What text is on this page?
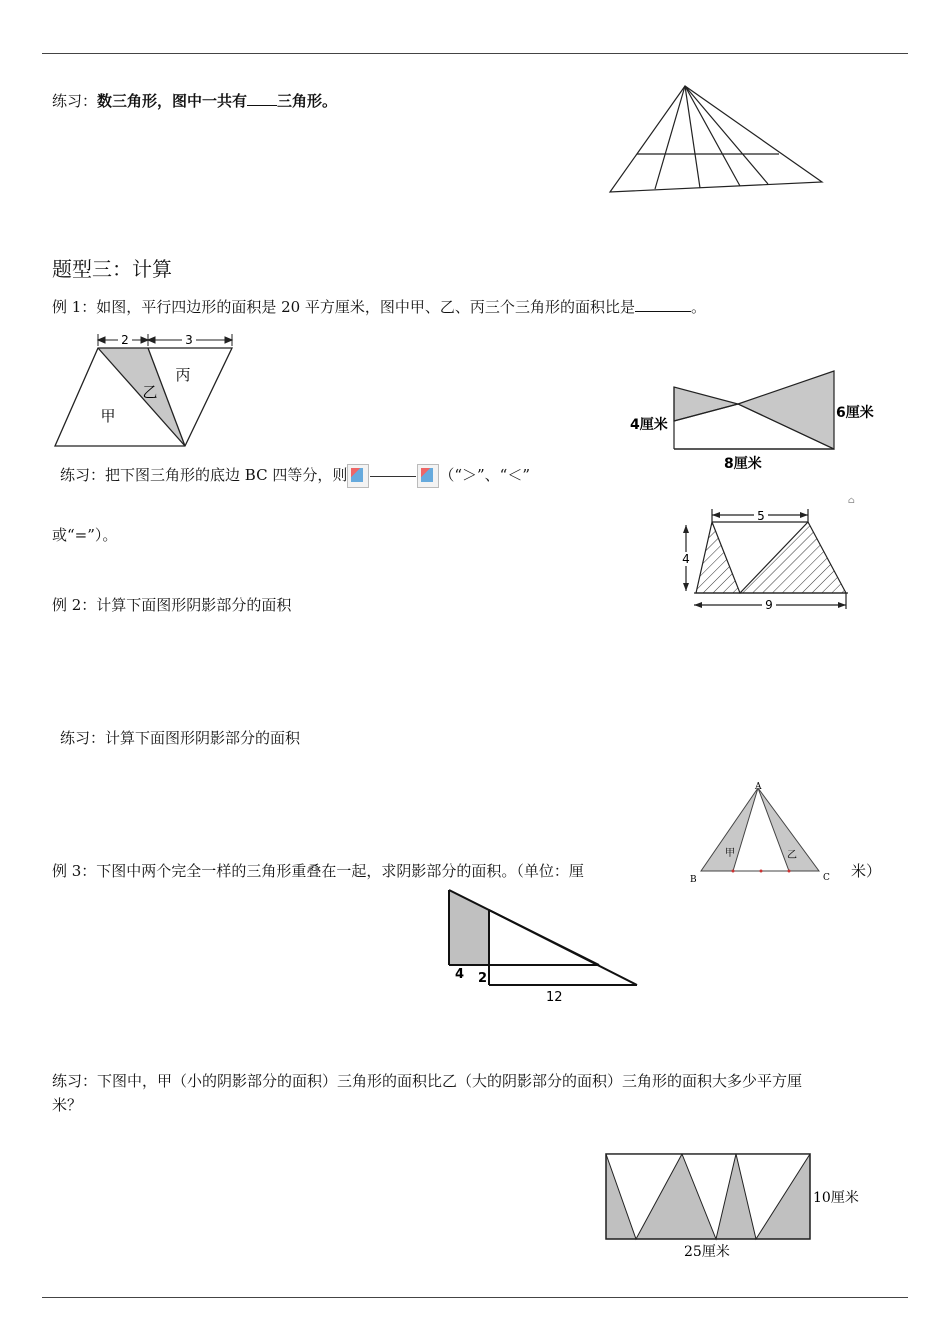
练习：数三角形，图中一共有 三角形。
题型三：计算
例 1：如图，平行四边形的面积是 20 平方厘米，图中甲、乙、丙三个三角形的面积比是	。
2	3
甲
乙
丙
4厘米
6厘米
8厘米
练习：把下图三角形的底边 BC 四等分，则	（“＞”、“＜”
或“=”）。
5
4
9
⌂
例 2：计算下面图形阴影部分的面积
练习：计算下面图形阴影部分的面积
A
B	C
甲	乙
例 3：下图中两个完全一样的三角形重叠在一起，求阴影部分的面积。（单位：厘	米）
4 2
12
练习：下图中，甲（小的阴影部分的面积）三角形的面积比乙（大的阴影部分的面积）三角形的面积大多少平方厘
米？
10厘米
25厘米
